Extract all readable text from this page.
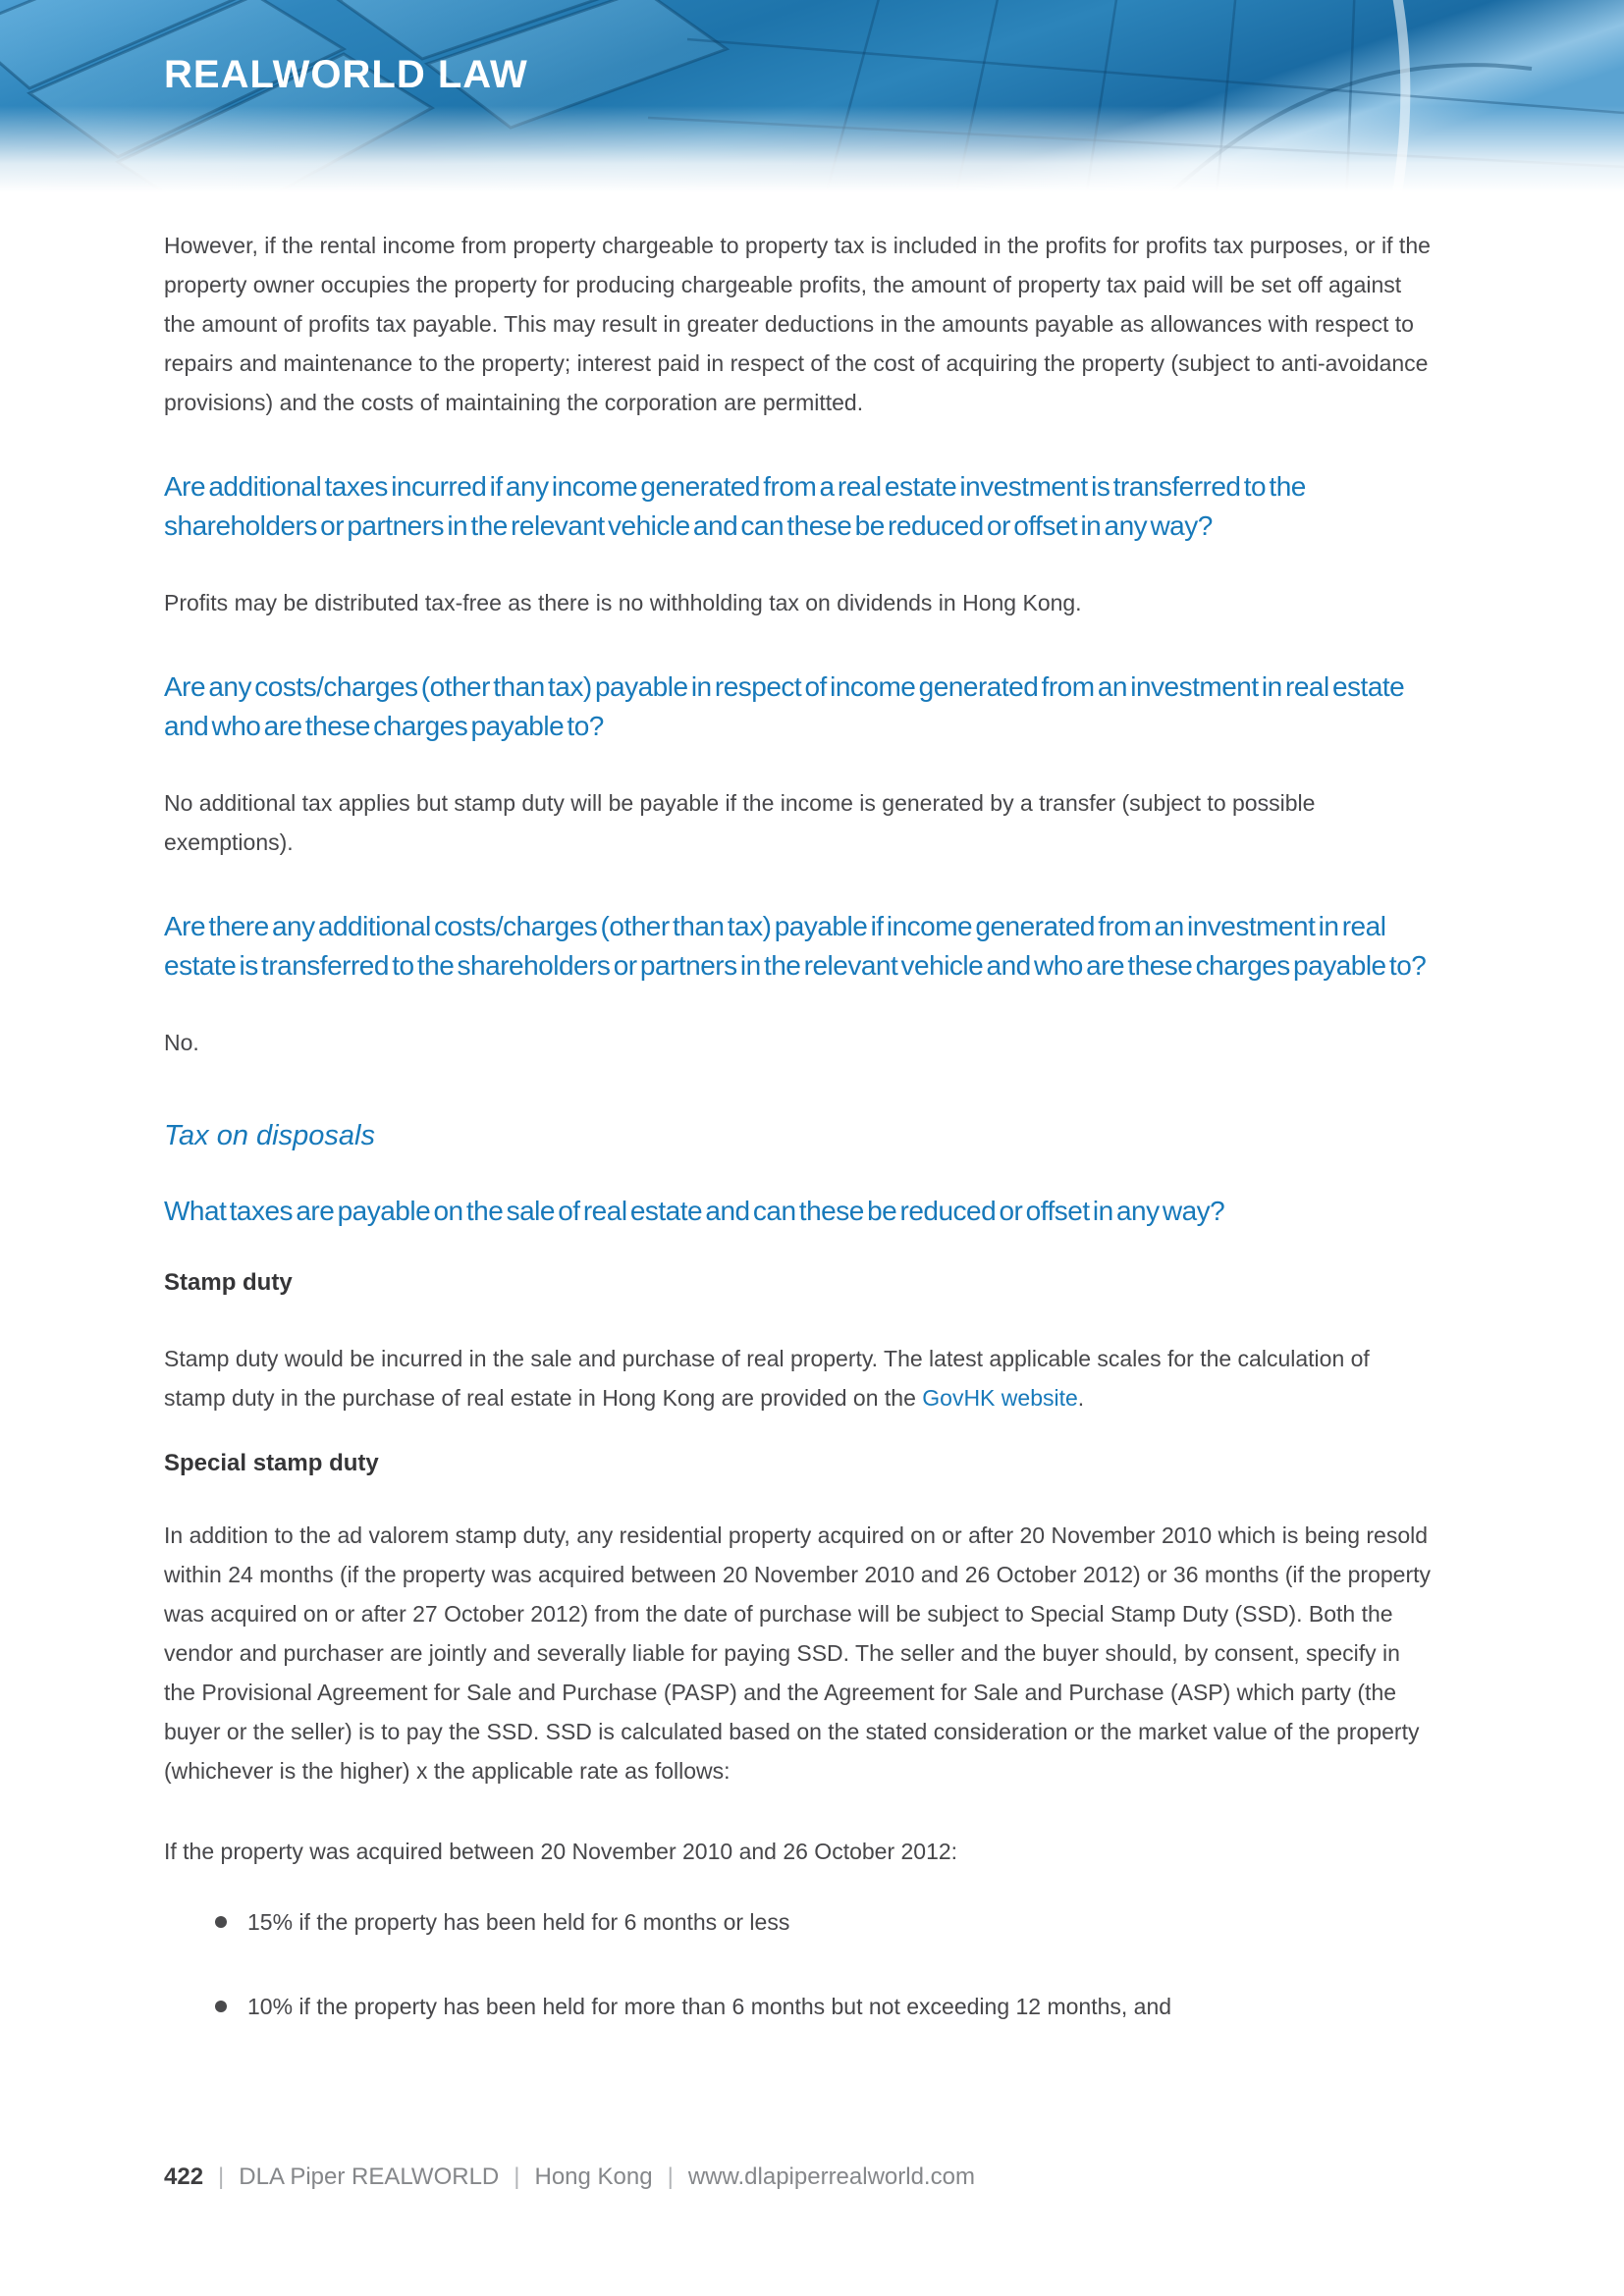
REALWORLD LAW

However, if the rental income from property chargeable to property tax is included in the profits for profits tax purposes, or if the property owner occupies the property for producing chargeable profits, the amount of property tax paid will be set off against the amount of profits tax payable. This may result in greater deductions in the amounts payable as allowances with respect to repairs and maintenance to the property; interest paid in respect of the cost of acquiring the property (subject to anti-avoidance provisions) and the costs of maintaining the corporation are permitted.

Are additional taxes incurred if any income generated from a real estate investment is transferred to the shareholders or partners in the relevant vehicle and can these be reduced or offset in any way?

Profits may be distributed tax-free as there is no withholding tax on dividends in Hong Kong.

Are any costs/charges (other than tax) payable in respect of income generated from an investment in real estate and who are these charges payable to?

No additional tax applies but stamp duty will be payable if the income is generated by a transfer (subject to possible exemptions).

Are there any additional costs/charges (other than tax) payable if income generated from an investment in real estate is transferred to the shareholders or partners in the relevant vehicle and who are these charges payable to?

No.

Tax on disposals

What taxes are payable on the sale of real estate and can these be reduced or offset in any way?

Stamp duty

Stamp duty would be incurred in the sale and purchase of real property. The latest applicable scales for the calculation of stamp duty in the purchase of real estate in Hong Kong are provided on the GovHK website.

Special stamp duty

In addition to the ad valorem stamp duty, any residential property acquired on or after 20 November 2010 which is being resold within 24 months (if the property was acquired between 20 November 2010 and 26 October 2012) or 36 months (if the property was acquired on or after 27 October 2012) from the date of purchase will be subject to Special Stamp Duty (SSD). Both the vendor and purchaser are jointly and severally liable for paying SSD. The seller and the buyer should, by consent, specify in the Provisional Agreement for Sale and Purchase (PASP) and the Agreement for Sale and Purchase (ASP) which party (the buyer or the seller) is to pay the SSD. SSD is calculated based on the stated consideration or the market value of the property (whichever is the higher) x the applicable rate as follows:

If the property was acquired between 20 November 2010 and 26 October 2012:

15% if the property has been held for 6 months or less
10% if the property has been held for more than 6 months but not exceeding 12 months, and
422 | DLA Piper REALWORLD | Hong Kong | www.dlapiperrealworld.com
